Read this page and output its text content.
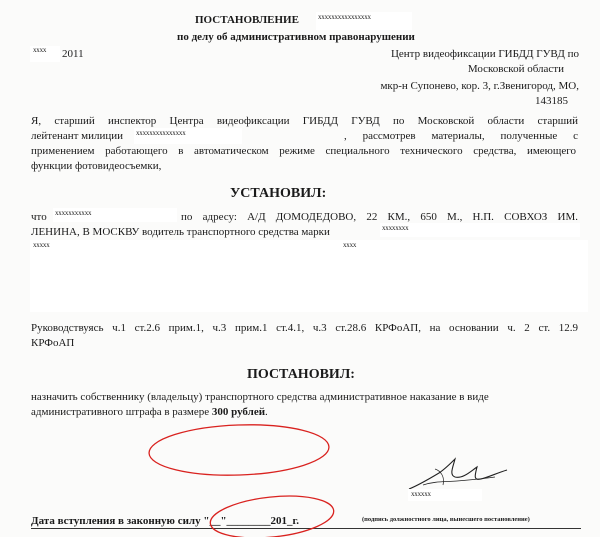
ПОСТАНОВЛЕНИЕ	xxxxxxxxxxxxxxxx
по делу об административном правонарушении
xxxx 2011	Центр видеофиксации ГИБДД ГУВД по
Московской области
мкр-н Супонево, кор. 3, г.Звенигород, МО,
143185
Я, старший инспектор Центра видеофиксации ГИБДД ГУВД по Московской области старший
лейтенант милиции xxxxxxxxxxxxxxx	, рассмотрев материалы, полученные с
применением работающего в автоматическом режиме специального технического средства, имеющего
функции фотовидеосъемки,
УСТАНОВИЛ:
что xxxxxxxxxxx	по адресу: А/Д ДОМОДЕДОВО, 22 КМ., 650 М., Н.П. СОВХОЗ ИМ.
ЛЕНИНА, В МОСКВУ водитель транспортного средства марки	xxxxxxxx
xxxxx	xxxx
Руководствуясь ч.1 ст.2.6 прим.1, ч.3 прим.1 ст.4.1, ч.3 ст.28.6 КРФоАП, на основании ч. 2 ст. 12.9
КРФоАП
ПОСТАНОВИЛ:
назначить собственнику (владельцу) транспортного средства административное наказание в виде
административного штрафа в размере 300 рублей.
xxxxxx
Дата вступления в законную силу "__"________201_г.	(подпись должностного лица, вынесшего постановление)
